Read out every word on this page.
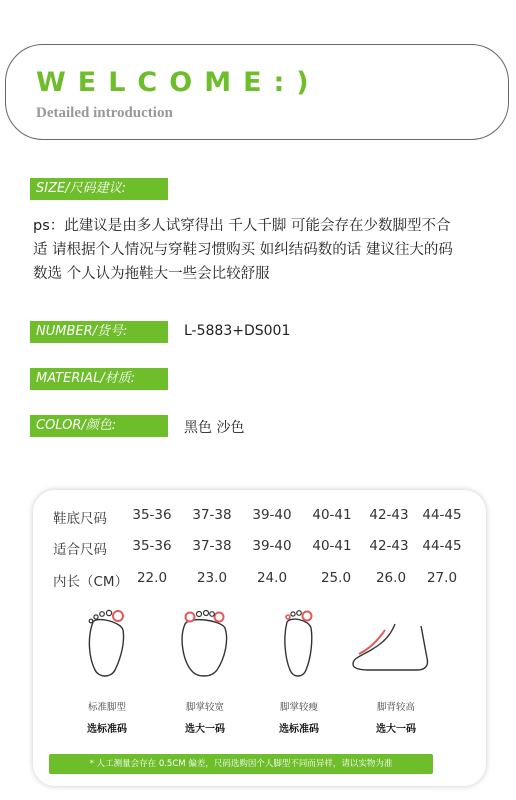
WELCOME:)
Detailed introduction
SIZE/尺码建议:
ps：此建议是由多人试穿得出 千人千脚 可能会存在少数脚型不合
适 请根据个人情况与穿鞋习惯购买 如纠结码数的话 建议往大的码
数选 个人认为拖鞋大一些会比较舒服
NUMBER/货号:	L-5883+DS001
MATERIAL/材质:
COLOR/颜色:	黑色 沙色
鞋底尺码	35-36	37-38	39-40	40-41	42-43	44-45
适合尺码	35-36	37-38	39-40	40-41	42-43	44-45
内长（CM） 22.0	23.0	24.0	25.0	26.0	27.0
标准脚型	脚掌较宽	脚掌较瘦	脚背较高
选标准码	选大一码	选标准码	选大一码
* 人工测量会存在 0.5CM 偏差，尺码选购因个人脚型不同而异样，请以实物为准
